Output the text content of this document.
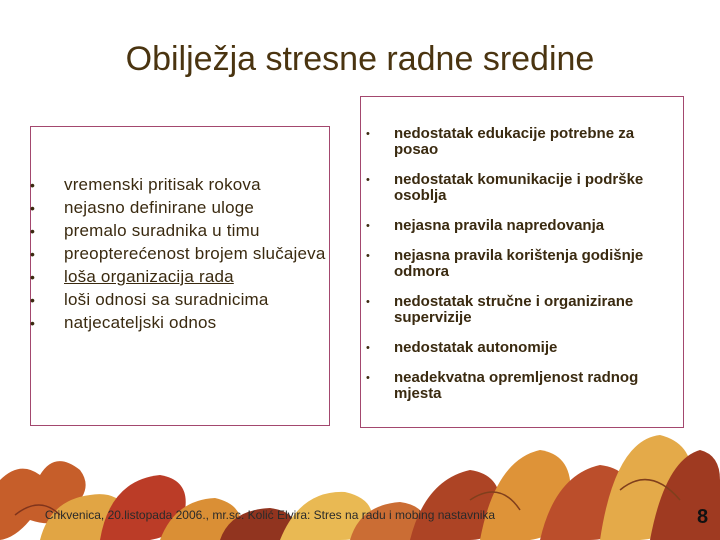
Obilježja stresne radne sredine
• vremenski pritisak rokova
• nejasno definirane uloge
• premalo suradnika u timu
• preopterećenost brojem slučajeva
• loša organizacija rada
• loši odnosi sa suradnicima
• natjecateljski odnos
• nedostatak edukacije potrebne za posao
• nedostatak komunikacije i podrške osoblja
• nejasna pravila napredovanja
• nejasna pravila korištenja godišnje odmora
• nedostatak stručne i organizirane supervizije
• nedostatak autonomije
• neadekvatna opremljenost radnog mjesta
Crikvenica, 20.listopada 2006., mr.sc. Kolić Elvira: Stres na radu i mobing nastavnika	8
